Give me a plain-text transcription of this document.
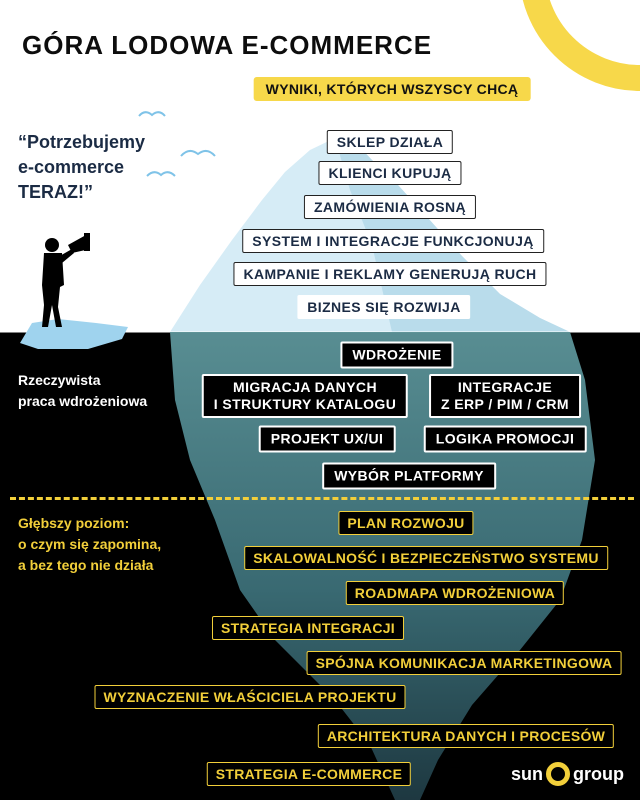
GÓRA LODOWA E-COMMERCE
WYNIKI, KTÓRYCH WSZYSCY CHCĄ

“Potrzebujemy
e-commerce
TERAZ!”

SKLEP DZIAŁA
KLIENCI KUPUJĄ
ZAMÓWIENIA ROSNĄ
SYSTEM I INTEGRACJE FUNKCJONUJĄ
KAMPANIE I REKLAMY GENERUJĄ RUCH
BIZNES SIĘ ROZWIJA

Rzeczywista
praca wdrożeniowa

WDROŻENIE
MIGRACJA DANYCH
I STRUKTURY KATALOGU
INTEGRACJE
Z ERP / PIM / CRM
PROJEKT UX/UI	LOGIKA PROMOCJI
WYBÓR PLATFORMY

Głębszy poziom:
o czym się zapomina,
a bez tego nie działa

PLAN ROZWOJU
SKALOWALNOŚĆ I BEZPIECZEŃSTWO SYSTEMU
ROADMAPA WDROŻENIOWA
STRATEGIA INTEGRACJI
SPÓJNA KOMUNIKACJA MARKETINGOWA
WYZNACZENIE WŁAŚCICIELA PROJEKTU
ARCHITEKTURA DANYCH I PROCESÓW
STRATEGIA E-COMMERCE	sun group
